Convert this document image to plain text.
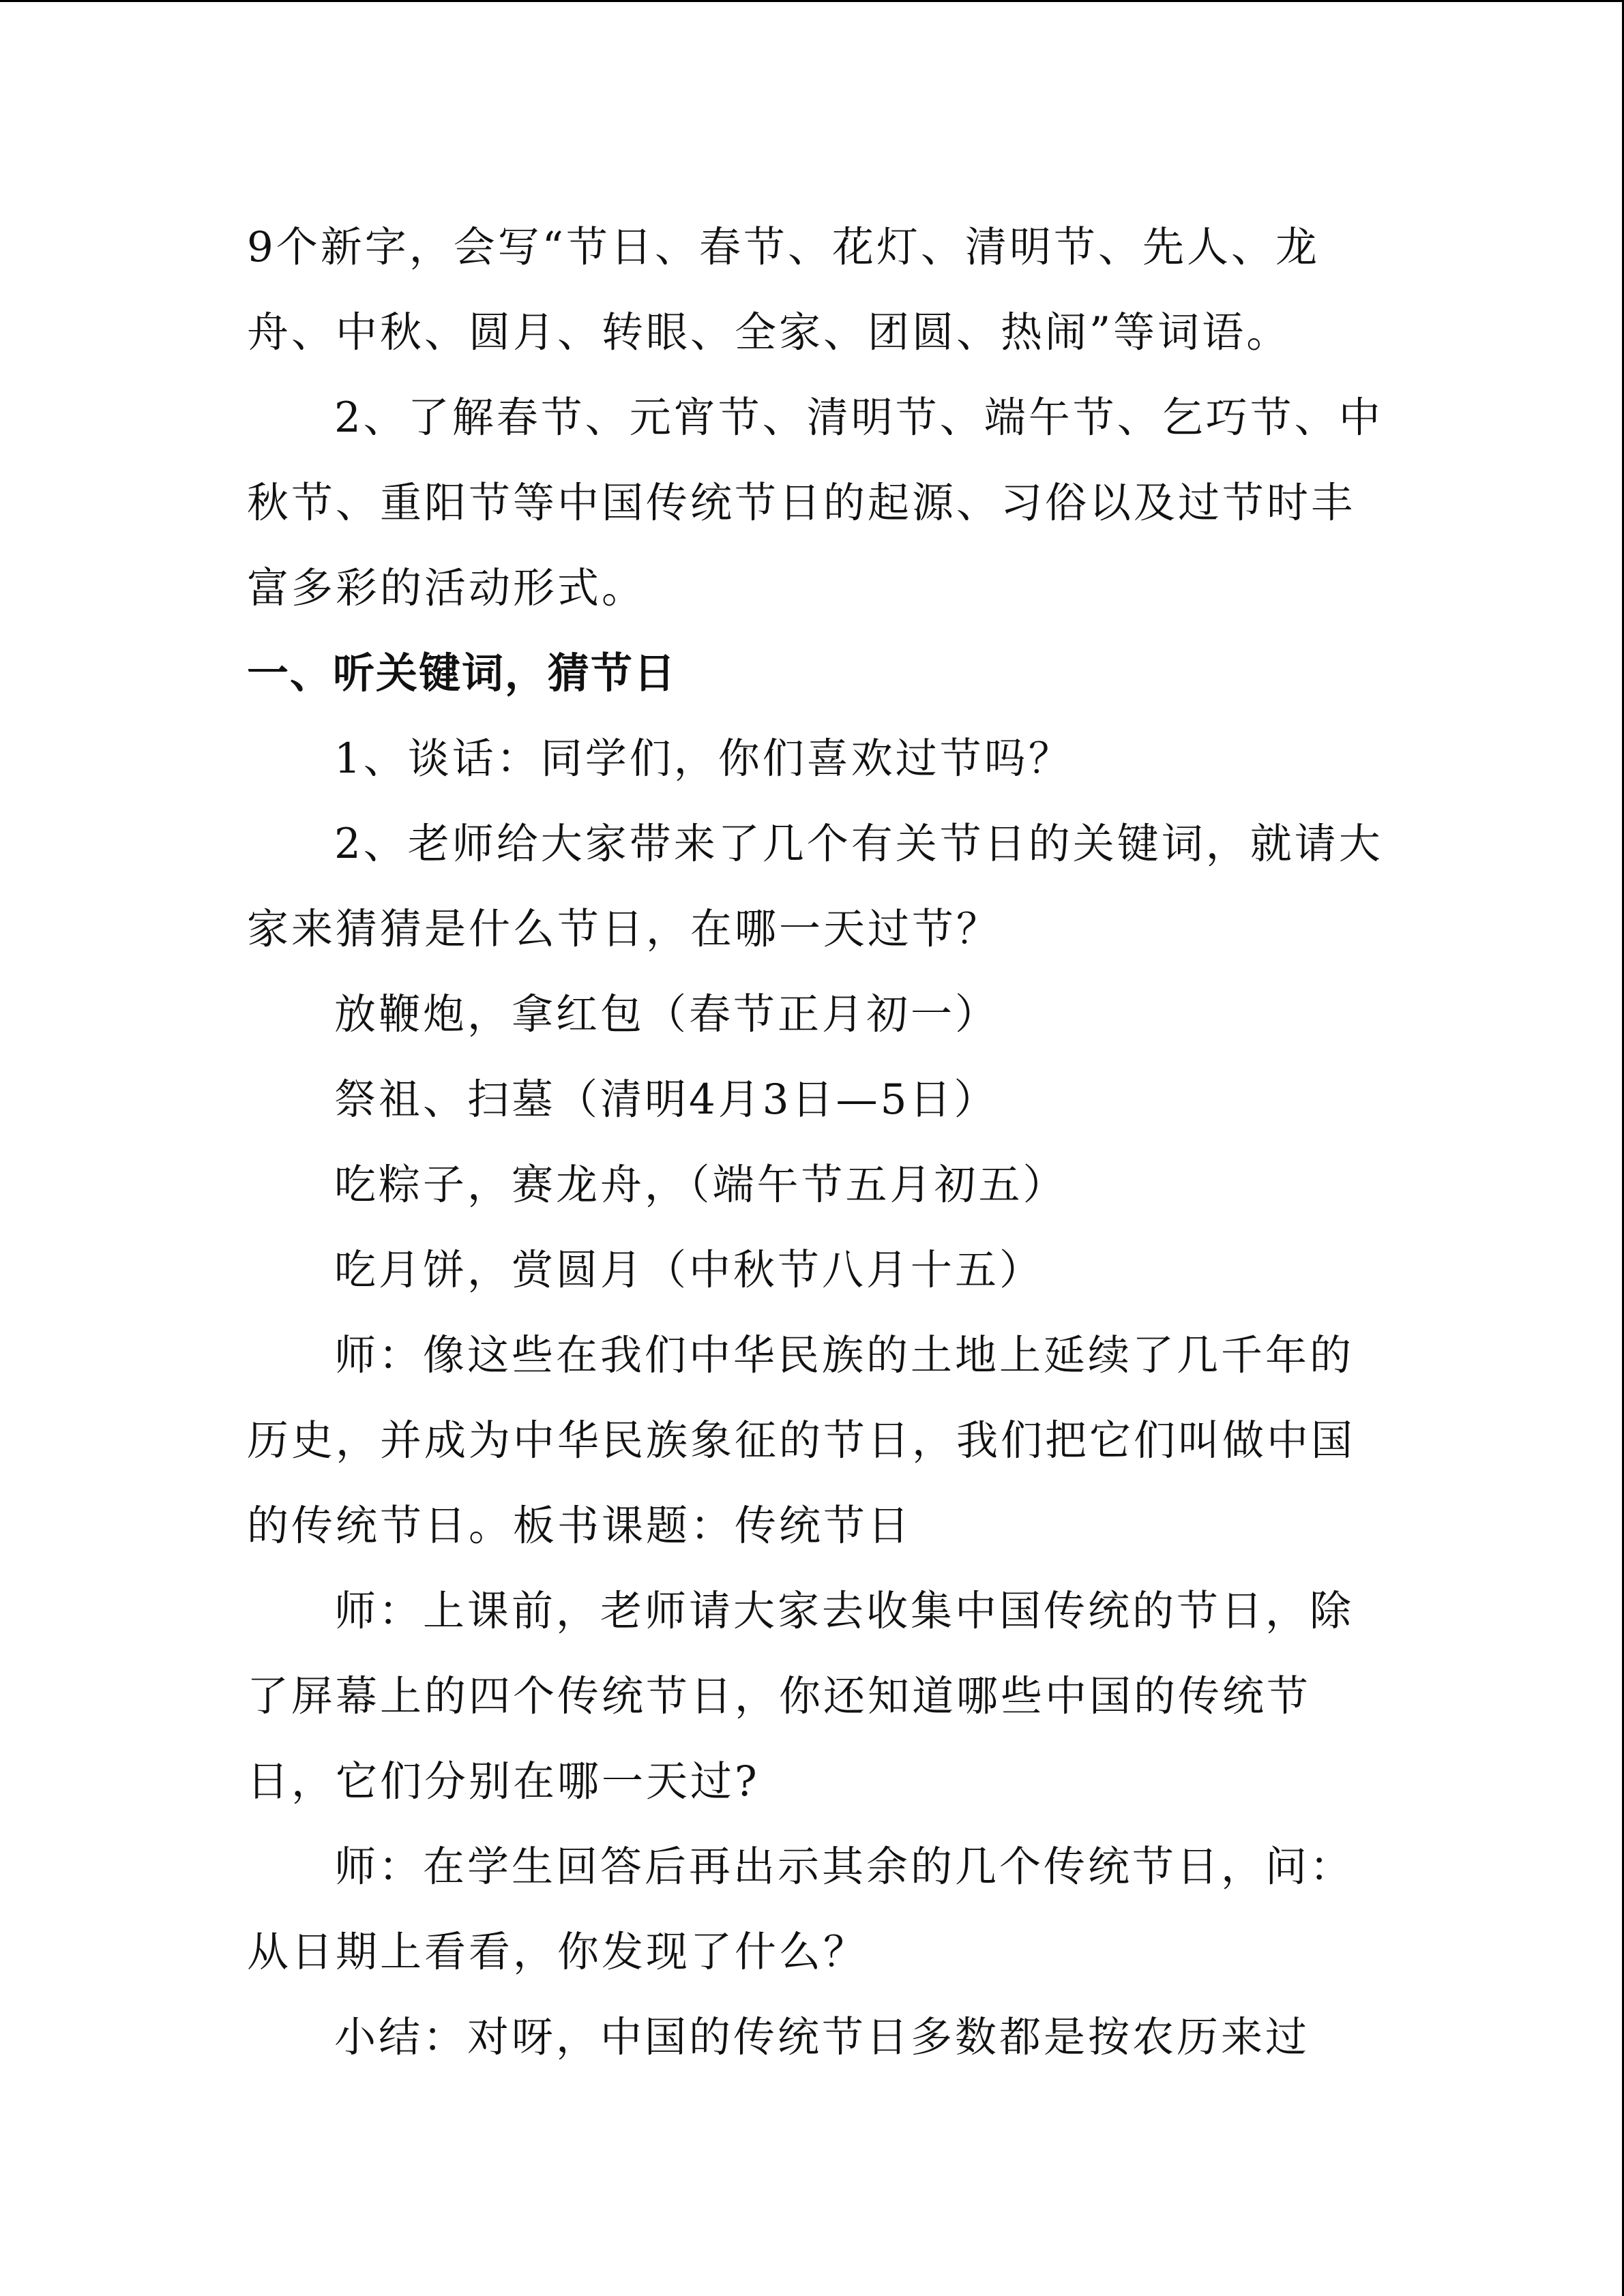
9个新字，会写“节日、春节、花灯、清明节、先人、龙
舟、中秋、圆月、转眼、全家、团圆、热闹”等词语。
2、了解春节、元宵节、清明节、端午节、乞巧节、中
秋节、重阳节等中国传统节日的起源、习俗以及过节时丰
富多彩的活动形式。
一、听关键词，猜节日
1、谈话：同学们，你们喜欢过节吗？
2、老师给大家带来了几个有关节日的关键词，就请大
家来猜猜是什么节日，在哪一天过节？
放鞭炮，拿红包（春节正月初一）
祭祖、扫墓（清明4月3日—5日）
吃粽子，赛龙舟，（端午节五月初五）
吃月饼，赏圆月（中秋节八月十五）
师：像这些在我们中华民族的土地上延续了几千年的
历史，并成为中华民族象征的节日，我们把它们叫做中国
的传统节日。板书课题：传统节日
师：上课前，老师请大家去收集中国传统的节日，除
了屏幕上的四个传统节日，你还知道哪些中国的传统节
日，它们分别在哪一天过?
师：在学生回答后再出示其余的几个传统节日，问：
从日期上看看，你发现了什么？
小结：对呀，中国的传统节日多数都是按农历来过
